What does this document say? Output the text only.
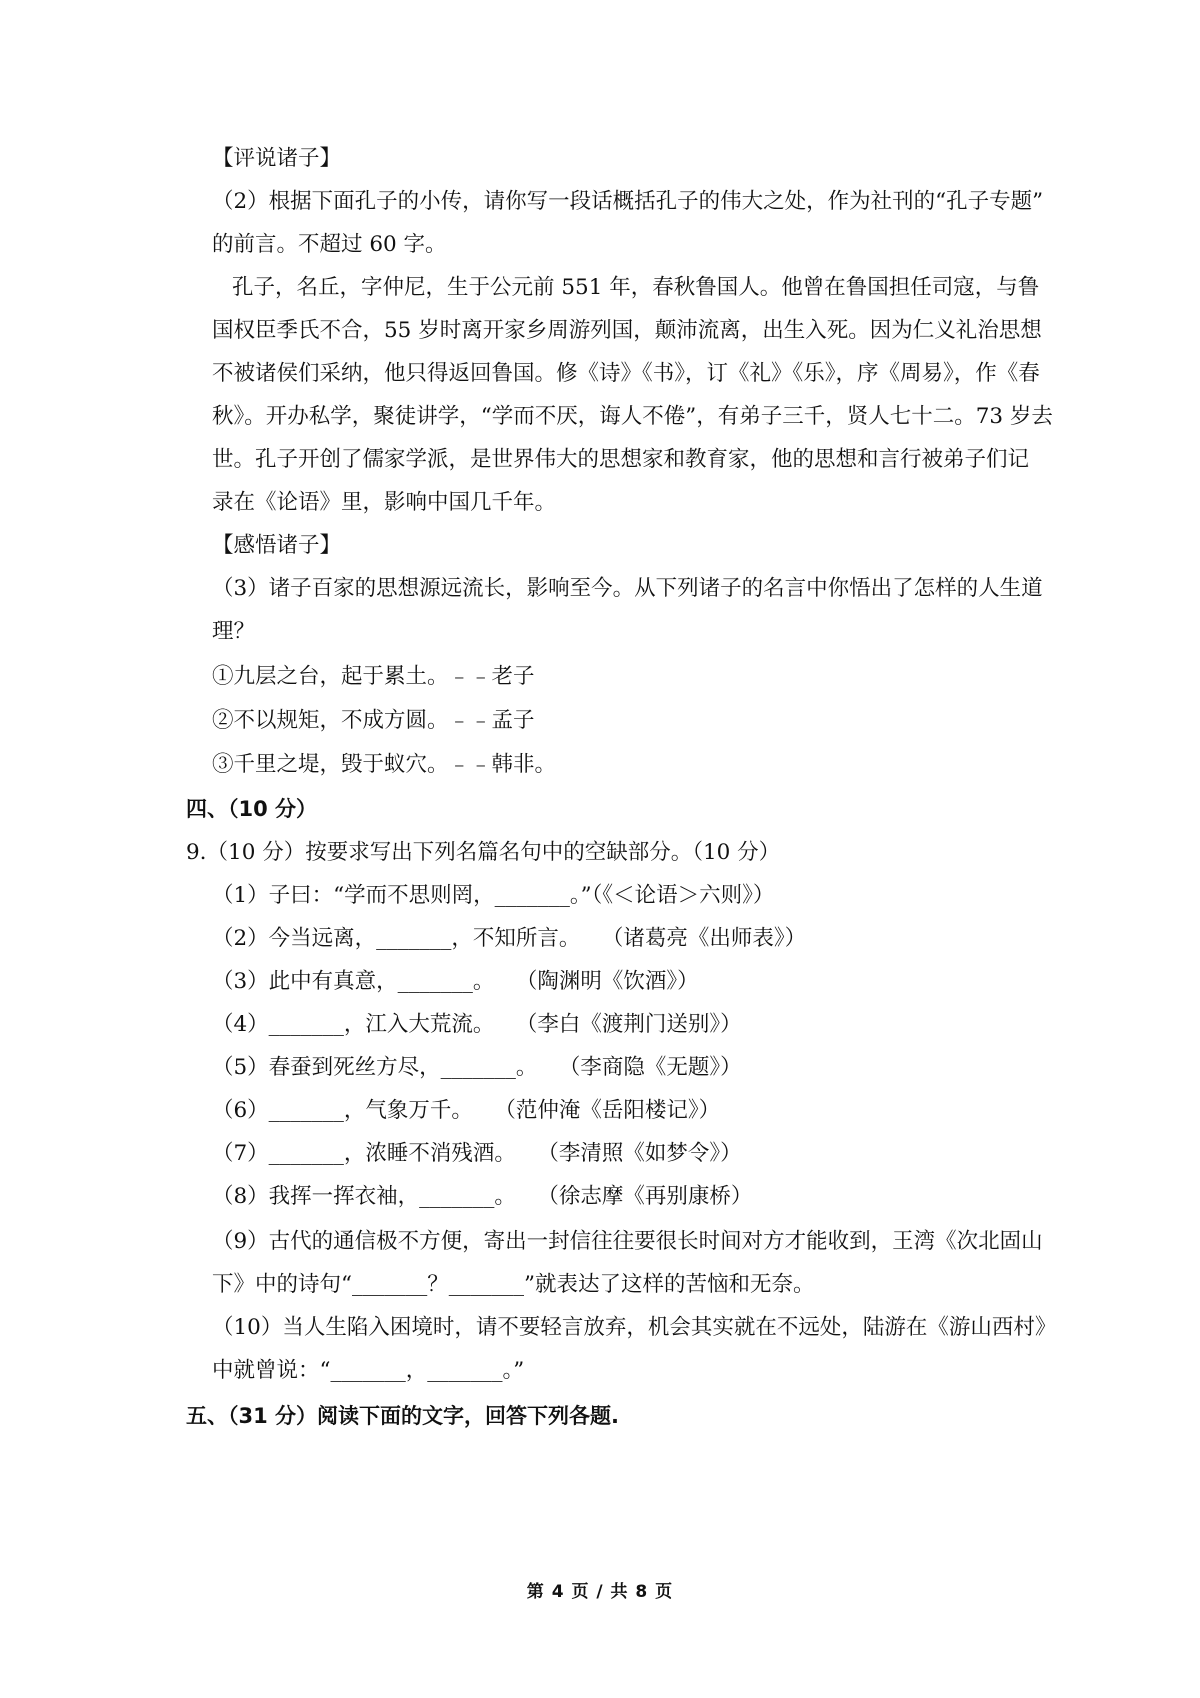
【评说诸子】
（2）根据下面孔子的小传，请你写一段话概括孔子的伟大之处，作为社刊的“孔子专题”
的前言。不超过 60 字。
孔子，名丘，字仲尼，生于公元前 551 年，春秋鲁国人。他曾在鲁国担任司寇，与鲁
国权臣季氏不合，55 岁时离开家乡周游列国，颠沛流离，出生入死。因为仁义礼治思想
不被诸侯们采纳，他只得返回鲁国。修《诗》《书》，订《礼》《乐》，序《周易》，作《春
秋》。开办私学，聚徒讲学，“学而不厌，诲人不倦”，有弟子三千，贤人七十二。73 岁去
世。孔子开创了儒家学派，是世界伟大的思想家和教育家，他的思想和言行被弟子们记
录在《论语》里，影响中国几千年。
【感悟诸子】
（3）诸子百家的思想源远流长，影响至今。从下列诸子的名言中你悟出了怎样的人生道
理？
①九层之台，起于累土。﹣﹣老子
②不以规矩，不成方圆。﹣﹣孟子
③千里之堤，毁于蚁穴。﹣﹣韩非。
四、（10 分）
9.（10 分）按要求写出下列名篇名句中的空缺部分。（10 分）
（1）子曰：“学而不思则罔，_______。”（《＜论语＞六则》）
（2）今当远离，_______，不知所言。　　（诸葛亮《出师表》）
（3）此中有真意，_______。　　（陶渊明《饮酒》）
（4）_______，江入大荒流。　　（李白《渡荆门送别》）
（5）春蚕到死丝方尽，_______。　　（李商隐《无题》）
（6）_______，气象万千。　　（范仲淹《岳阳楼记》）
（7）_______，浓睡不消残酒。　　（李清照《如梦令》）
（8）我挥一挥衣袖，_______。　　（徐志摩《再别康桥）
（9）古代的通信极不方便，寄出一封信往往要很长时间对方才能收到，王湾《次北固山
下》中的诗句“_______？_______”就表达了这样的苦恼和无奈。
（10）当人生陷入困境时，请不要轻言放弃，机会其实就在不远处，陆游在《游山西村》
中就曾说：“_______，_______。”
五、（31 分）阅读下面的文字，回答下列各题.
第 4 页 / 共 8 页
